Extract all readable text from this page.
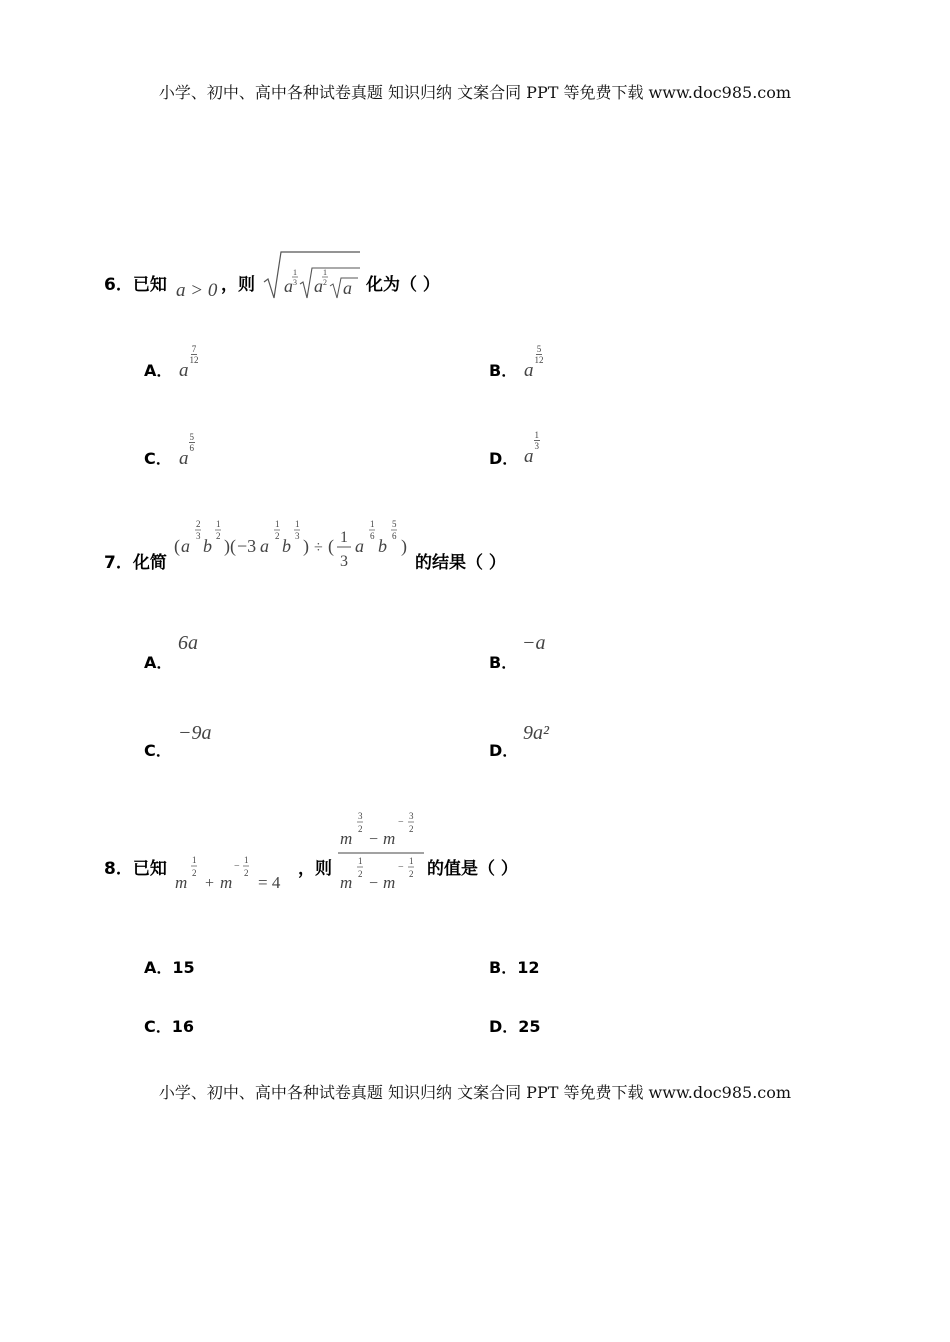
小学、初中、高中各种试卷真题 知识归纳 文案合同 PPT 等免费下载 www.doc985.com
6．已知 a > 0 ，则 a
1
3 a
1
2 a 化为（ ）
A． a
$\frac{7}{12}$
B． a
$\frac{5}{12}$
C． a
$\frac{5}{6}$
D． a
$\frac{1}{3}$
7．化简
( a
2
3 b
1
2 )( −3 a
1
2 b
1
3 ) ÷ ( 1
3
a
1
6 b
5
6 )
的结果（ ）
A．
6a
B．
−a
C．
−9a
D．
9a²
8．已知
m
1
2
+ m
−
1
2 = 4
，则
m
3
2
− m
−
3
2
m
1
2
− m
−
1
2 的值是（ ）
A．15	B．12
C．16	D．25
小学、初中、高中各种试卷真题 知识归纳 文案合同 PPT 等免费下载 www.doc985.com
